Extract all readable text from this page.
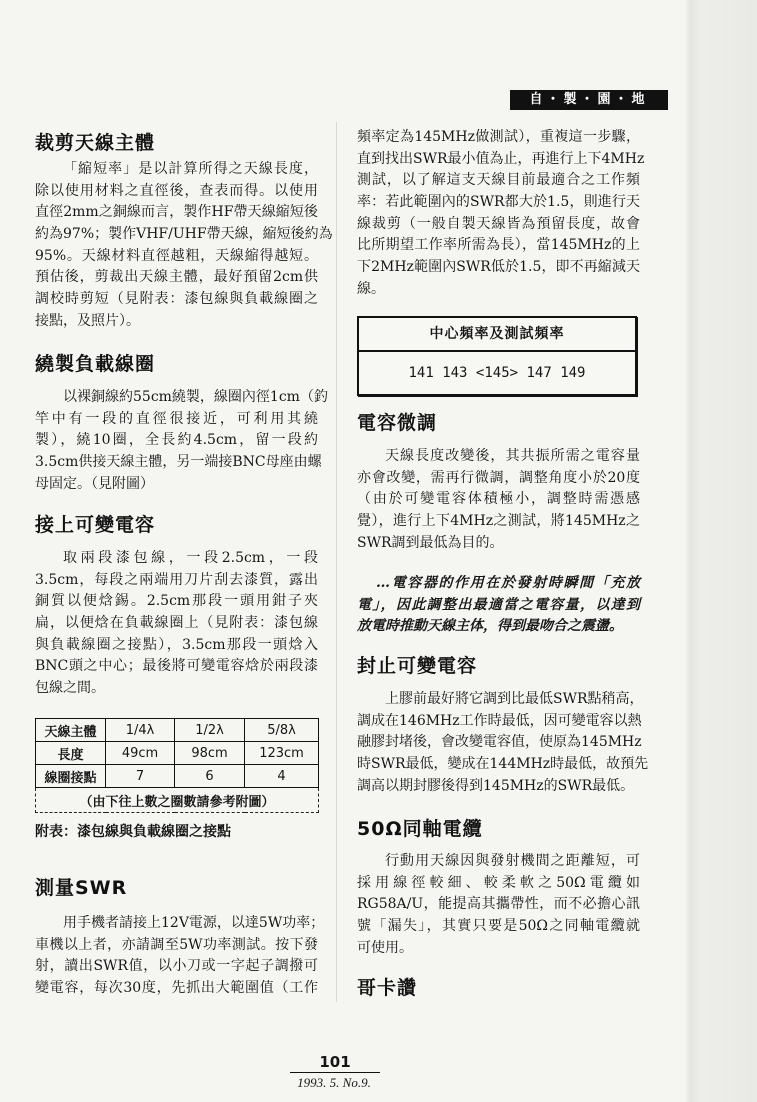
自・製・園・地
裁剪天線主體
「縮短率」是以計算所得之天線長度，
除以使用材料之直徑後，查表而得。以使用
直徑2mm之銅線而言，製作HF帶天線縮短後
約為97%；製作VHF/UHF帶天線，縮短後約為
95%。天線材料直徑越粗，天線縮得越短。
預估後，剪裁出天線主體，最好預留2cm供
調校時剪短（見附表：漆包線與負載線圈之
接點，及照片）。
繞製負載線圈
以裸銅線約55cm繞製，線圈內徑1cm（釣
竿中有一段的直徑很接近，可利用其繞
製），繞10圈，全長約4.5cm，留一段約
3.5cm供接天線主體，另一端接BNC母座由螺
母固定。（見附圖）
接上可變電容
取兩段漆包線，一段2.5cm，一段
3.5cm，每段之兩端用刀片刮去漆質，露出
銅質以便焓錫。2.5cm那段一頭用鉗子夾
扁，以便焓在負載線圈上（見附表：漆包線
與負載線圈之接點），3.5cm那段一頭焓入
BNC頭之中心；最後將可變電容焓於兩段漆
包線之間。
天線主體	1/4λ	1/2λ	5/8λ
長度	49cm	98cm	123cm
線圈接點	7	6	4
（由下往上數之圈數請參考附圖）			
附表：漆包線與負載線圈之接點
測量SWR
用手機者請接上12V電源，以達5W功率；
車機以上者，亦請調至5W功率測試。按下發
射，讀出SWR值，以小刀或一字起子調撥可
變電容，每次30度，先抓出大範圍值（工作
頻率定為145MHz做測試），重複這一步驟，
直到找出SWR最小值為止，再進行上下4MHz
測試，以了解這支天線目前最適合之工作頻
率：若此範圍內的SWR都大於1.5，則進行天
線裁剪（一般自製天線皆為預留長度，故會
比所期望工作率所需為長），當145MHz的上
下2MHz範圍內SWR低於1.5，即不再縮減天
線。
中心頻率及測試頻率
141 143 <145> 147 149
電容微調
天線長度改變後，其共振所需之電容量
亦會改變，需再行微調，調整角度小於20度
（由於可變電容体積極小，調整時需憑感
覺），進行上下4MHz之測試，將145MHz之
SWR調到最低為目的。
…電容器的作用在於發射時瞬間「充放
電」，因此調整出最適當之電容量，以達到
放電時推動天線主体，得到最吻合之震盪。
封止可變電容
上膠前最好將它調到比最低SWR點稍高，
調成在146MHz工作時最低，因可變電容以熱
融膠封堵後，會改變電容值，使原為145MHz
時SWR最低，變成在144MHz時最低，故預先
調高以期封膠後得到145MHz的SWR最低。
50Ω同軸電纜
行動用天線因與發射機間之距離短，可
採用線徑較細、較柔軟之50Ω電纜如
RG58A/U，能提高其攜帶性，而不必擔心訊
號「漏失」，其實只要是50Ω之同軸電纜就
可使用。
哥卡讚
101
1993. 5. No.9.
